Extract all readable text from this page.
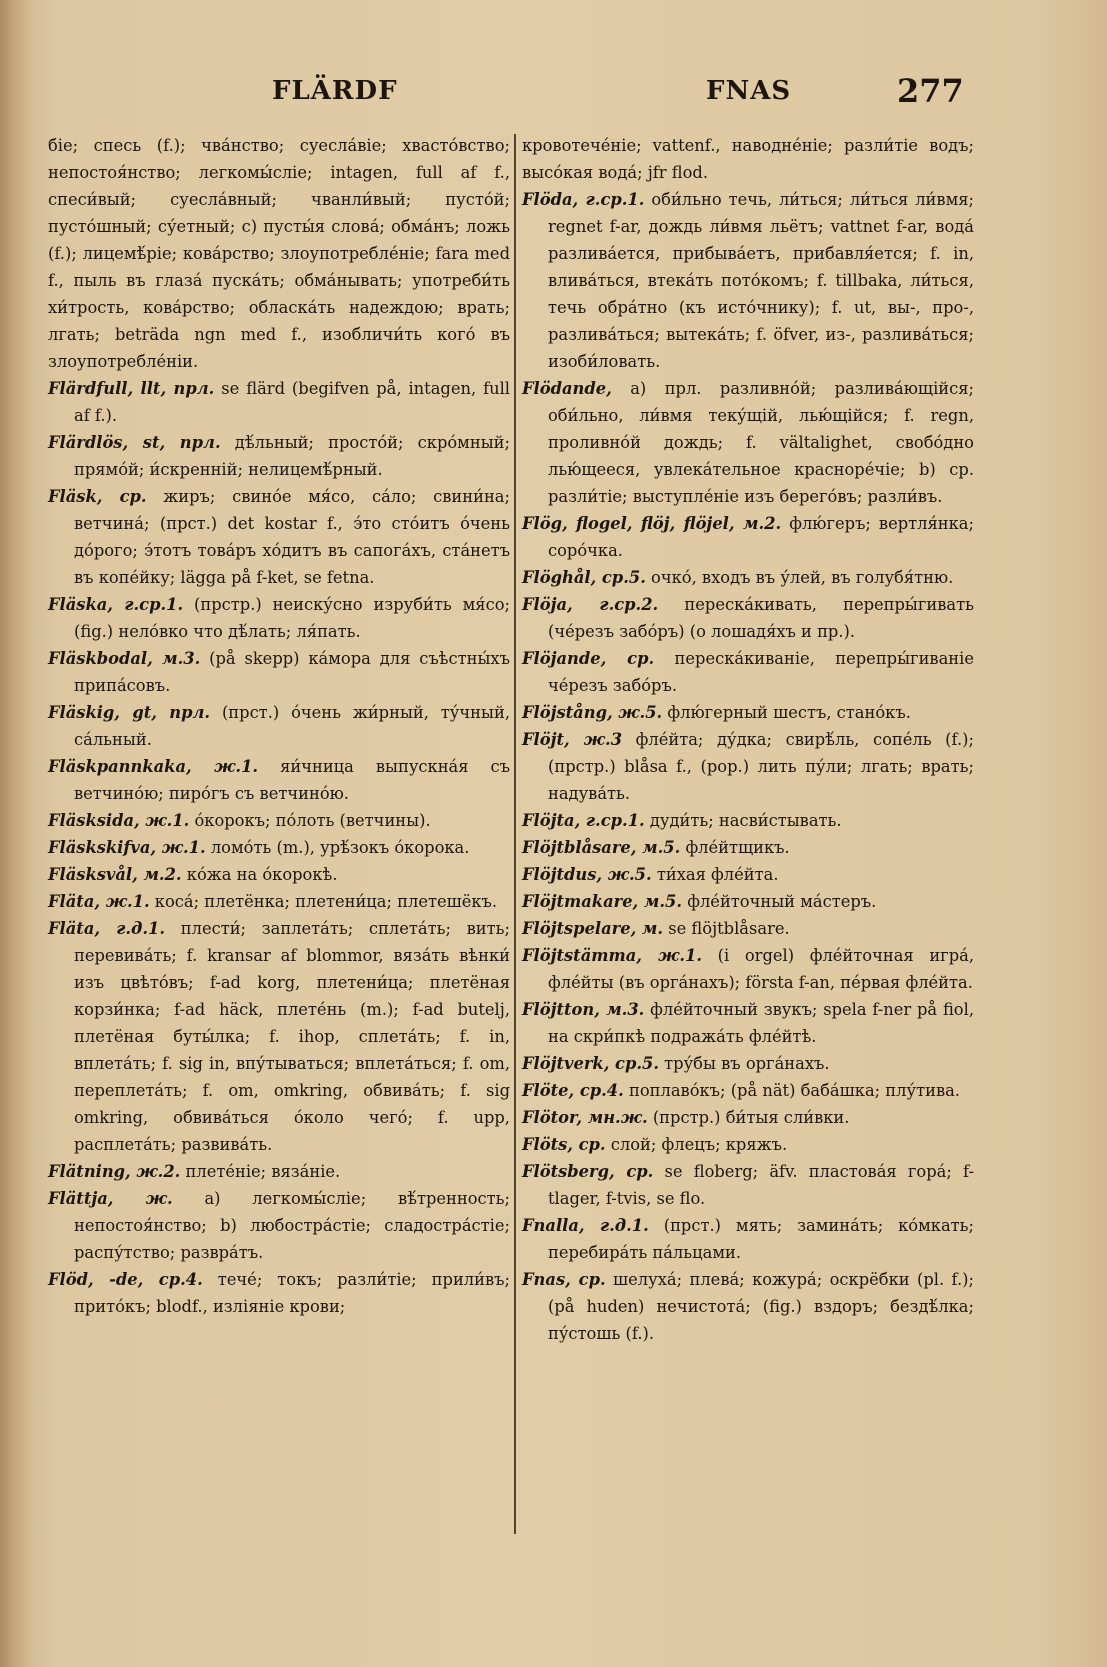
FLÄRDF	FNAS	277

біе; спесь (f.); чва́нство; суесла́віе; хвасто́вство; непостоя́нство; легкомы́сліе; intagen, full af f., спеси́вый; суесла́вный; чванли́вый; пусто́й; пусто́шный; су́етный; c) пусты́я слова́; обма́нъ; ложь (f.); лицемѣ́ріе; кова́рство; злоупотребле́ніе; fara med f., пыль въ глаза́ пуска́ть; обма́нывать; употреби́ть хи́трость, кова́рство; обласка́ть надеждою; врать; лгать; beträda ngn med f., изобличи́ть кого́ въ злоупотребле́ніи.

Flärdfull, llt, прл. se flärd (begifven på, intagen, full af f.).

Flärdlös, st, прл. дѣ́льный; просто́й; скро́мный; прямо́й; и́скренній; нелицемѣ́рный.

Fläsk, ср. жиръ; свино́е мя́со, са́ло; свини́на; ветчина́; (прст.) det kostar f., э́то сто́итъ о́чень до́рого; э́тотъ това́ръ хо́дитъ въ сапога́хъ, ста́нетъ въ копе́йку; lägga på f-ket, se fetna.

Fläska, г.ср.1. (прстр.) неиску́сно изруби́ть мя́со; (fig.) нело́вко что дѣ́лать; ля́пать.

Fläskbodal, м.3. (på skepp) ка́мора для съѣстны́хъ припа́совъ.

Fläskig, gt, прл. (прст.) о́чень жи́рный, ту́чный, са́льный.

Fläskpannkaka, ж.1. яи́чница выпускна́я съ ветчино́ю; пиро́гъ съ ветчино́ю.

Fläsksida, ж.1. о́корокъ; по́лоть (ветчины).

Fläskskifva, ж.1. ломо́ть (m.), урѣ́зокъ о́корока.

Fläsksvål, м.2. ко́жа на о́корокѣ.

Fläta, ж.1. коса́; плетёнка; плетени́ца; плетешёкъ.

Fläta, г.д.1. плести́; заплета́ть; сплета́ть; вить; перевива́ть; f. kransar af blommor, вяза́ть вѣнки́ изъ цвѣто́въ; f-ad korg, плетени́ца; плетёная корзи́нка; f-ad häck, плете́нь (m.); f-ad butelj, плетёная буты́лка; f. ihop, сплета́ть; f. in, вплета́ть; f. sig in, впу́тываться; вплета́ться; f. om, переплета́ть; f. om, omkring, обвива́ть; f. sig omkring, обвива́ться о́коло чего́; f. upp, расплета́ть; развива́ть.

Flätning, ж.2. плете́ніе; вяза́ніе.

Flättja, ж. a) легкомы́сліе; вѣ́тренность; непостоя́нство; b) любостра́стіе; сладостра́стіе; распу́тство; развра́тъ.

Flöd, -de, ср.4. тече́; токъ; разли́тіе; прили́въ; прито́къ; blodf., изліяніе крови;

кровотече́ніе; vattenf., наводне́ніе; разли́тіе водъ; высо́кая вода́; jfr flod.

Flöda, г.ср.1. оби́льно течь, ли́ться; ли́ться ли́вмя; regnet f-ar, дождь ли́вмя льётъ; vattnet f-ar, вода́ разлива́ется, прибыва́етъ, прибавля́ется; f. in, влива́ться, втека́ть пото́комъ; f. tillbaka, ли́ться, течь обра́тно (къ исто́чнику); f. ut, вы-, про-, разлива́ться; вытека́ть; f. öfver, из-, разлива́ться; изоби́ловать.

Flödande, a) прл. разливно́й; разлива́ющійся; оби́льно, ли́вмя теку́щій, лью́щійся; f. regn, проливно́й дождь; f. vältalighet, свобо́дно лью́щееся, увлека́тельное красноре́чіе; b) ср. разли́тіе; выступле́ніе изъ берего́въ; разли́въ.

Flög, flogel, flöj, flöjel, м.2. флю́геръ; вертля́нка; соро́чка.

Flöghål, ср.5. очко́, входъ въ у́лей, въ голубя́тню.

Flöja, г.ср.2. переска́кивать, перепры́гивать (че́резъ забо́ръ) (о лошадя́хъ и пр.).

Flöjande, ср. переска́киваніе, перепры́гиваніе че́резъ забо́ръ.

Flöjstång, ж.5. флю́герный шестъ, стано́къ.

Flöjt, ж.3 фле́йта; ду́дка; свирѣ́ль, сопе́ль (f.); (прстр.) blåsa f., (рор.) лить пу́ли; лгать; врать; надува́ть.

Flöjta, г.ср.1. дуди́ть; насви́стывать.

Flöjtblåsare, м.5. фле́йтщикъ.

Flöjtdus, ж.5. ти́хая фле́йта.

Flöjtmakare, м.5. фле́йточный ма́стеръ.

Flöjtspelare, м. se flöjtblåsare.

Flöjtstämma, ж.1. (i orgel) фле́йточная игра́, фле́йты (въ орга́нахъ); första f-an, пе́рвая фле́йта.

Flöjtton, м.3. фле́йточный звукъ; spela f-ner på fiol, на скри́пкѣ подража́ть фле́йтѣ.

Flöjtverk, ср.5. тру́бы въ орга́нахъ.

Flöte, ср.4. поплаво́къ; (på nät) баба́шка; плу́тива.

Flötor, мн.ж. (прстр.) би́тыя сли́вки.

Flöts, ср. слой; флецъ; кряжъ.

Flötsberg, ср. se floberg; äfv. пластова́я гора́; f-tlager, f-tvis, se flo.

Fnalla, г.д.1. (прст.) мять; замина́ть; ко́мкать; перебира́ть па́льцами.

Fnas, ср. шелуха́; плева́; кожура́; оскрёбки (pl. f.); (på huden) нечистота́; (fig.) вздоръ; бездѣ́лка; пу́стошь (f.).
